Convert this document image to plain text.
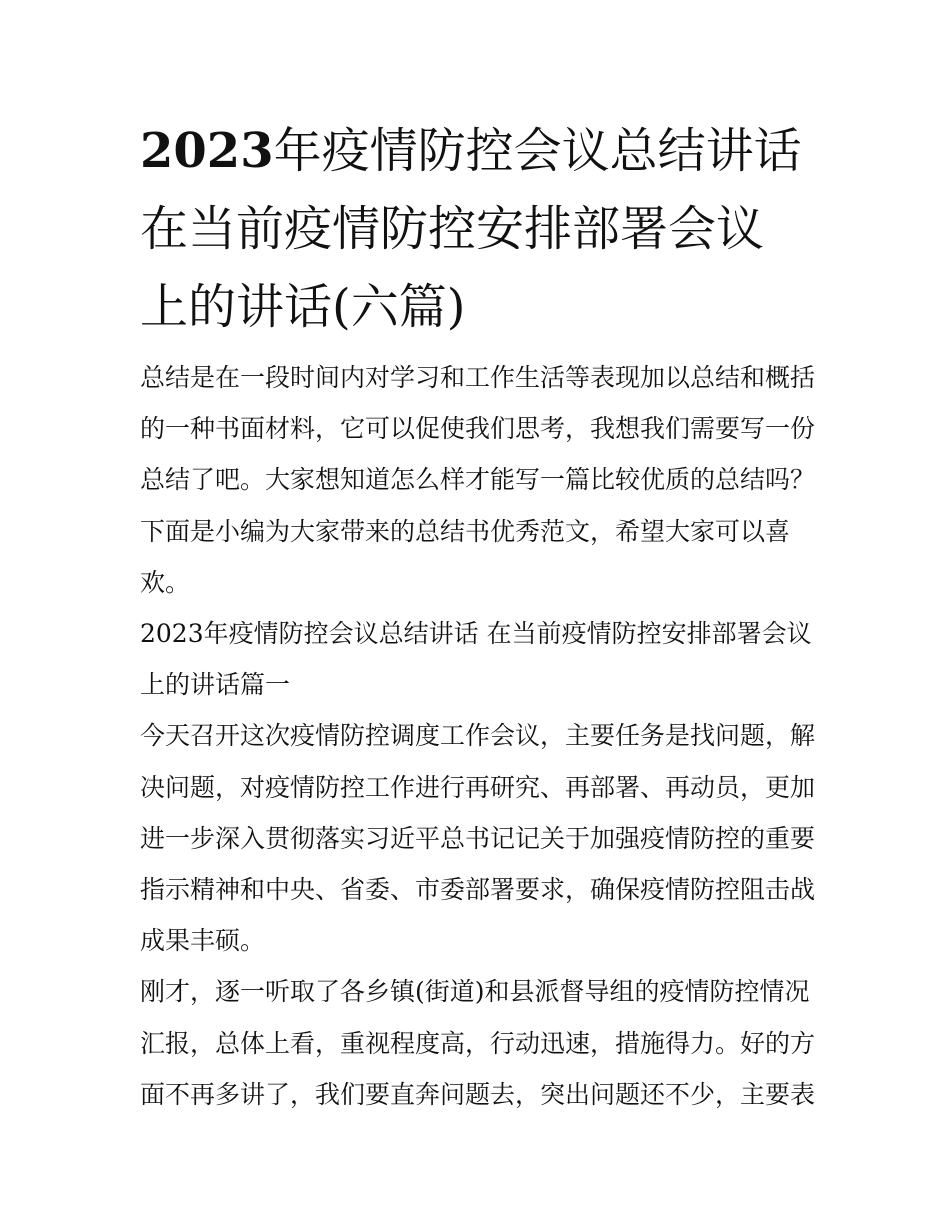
2023年疫情防控会议总结讲话
在当前疫情防控安排部署会议
上的讲话(六篇)

总结是在一段时间内对学习和工作生活等表现加以总结和概括
的一种书面材料，它可以促使我们思考，我想我们需要写一份
总结了吧。大家想知道怎么样才能写一篇比较优质的总结吗？
下面是小编为大家带来的总结书优秀范文，希望大家可以喜
欢。

2023年疫情防控会议总结讲话 在当前疫情防控安排部署会议
上的讲话篇一

今天召开这次疫情防控调度工作会议，主要任务是找问题，解
决问题，对疫情防控工作进行再研究、再部署、再动员，更加
进一步深入贯彻落实习近平总书记记关于加强疫情防控的重要
指示精神和中央、省委、市委部署要求，确保疫情防控阻击战
成果丰硕。

刚才，逐一听取了各乡镇(街道)和县派督导组的疫情防控情况
汇报，总体上看，重视程度高，行动迅速，措施得力。好的方
面不再多讲了，我们要直奔问题去，突出问题还不少，主要表
